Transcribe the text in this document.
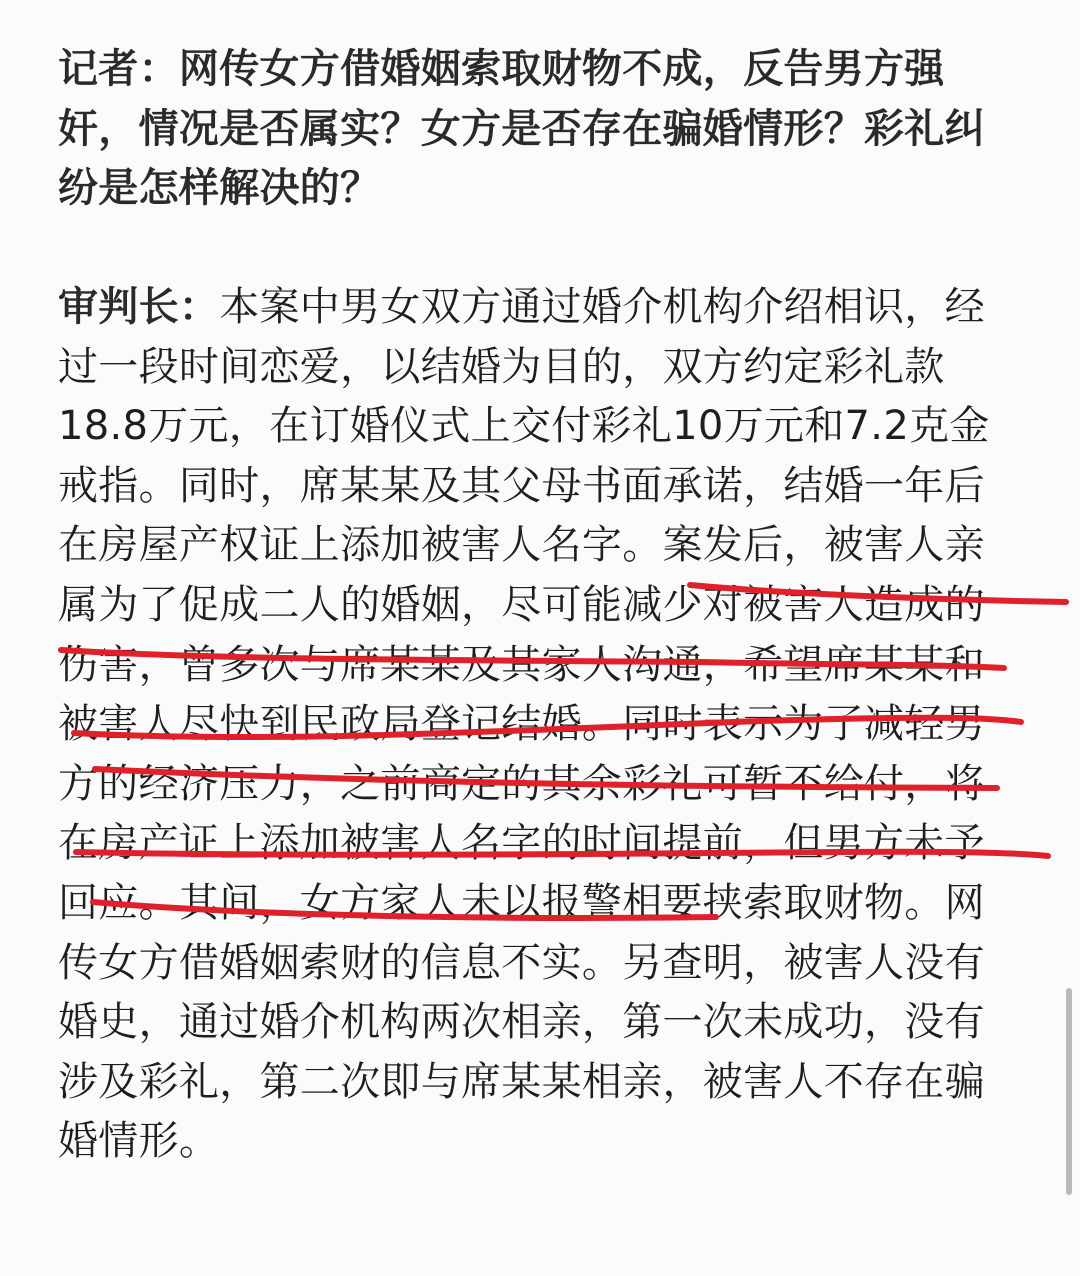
记者：网传女方借婚姻索取财物不成，反告男方强
奸，情况是否属实？女方是否存在骗婚情形？彩礼纠
纷是怎样解决的？
审判长：本案中男女双方通过婚介机构介绍相识，经
过一段时间恋爱，以结婚为目的，双方约定彩礼款
18.8万元，在订婚仪式上交付彩礼10万元和7.2克金
戒指。同时，席某某及其父母书面承诺，结婚一年后
在房屋产权证上添加被害人名字。案发后，被害人亲
属为了促成二人的婚姻，尽可能减少对被害人造成的
伤害，曾多次与席某某及其家人沟通，希望席某某和
被害人尽快到民政局登记结婚。同时表示为了减轻男
方的经济压力，之前商定的其余彩礼可暂不给付，将
在房产证上添加被害人名字的时间提前，但男方未予
回应。其间，女方家人未以报警相要挟索取财物。网
传女方借婚姻索财的信息不实。另查明，被害人没有
婚史，通过婚介机构两次相亲，第一次未成功，没有
涉及彩礼，第二次即与席某某相亲，被害人不存在骗
婚情形。
